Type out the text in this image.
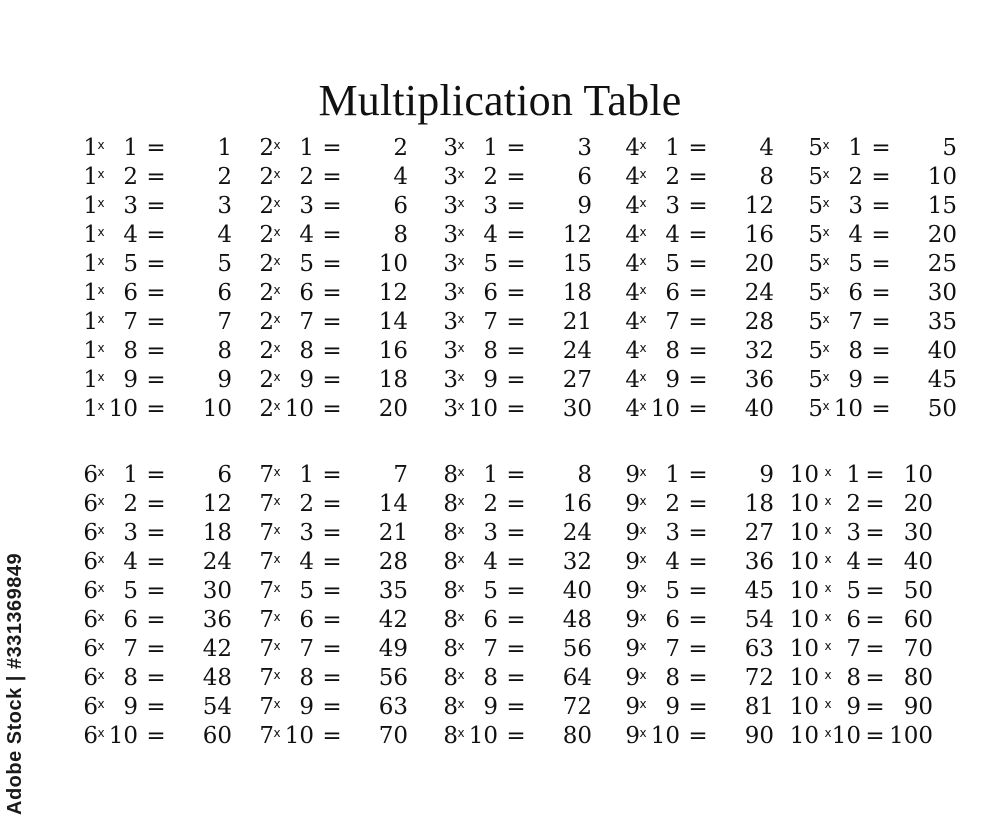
Multiplication Table
Adobe Stock | #331369849
1 x 1 =	1
1 x 2 =	2
1 x 3 =	3
1 x 4 =	4
1 x 5 =	5
1 x 6 =	6
1 x 7 =	7
1 x 8 =	8
1 x 9 =	9
1 x 10 =	10
2 x 1 =	2
2 x 2 =	4
2 x 3 =	6
2 x 4 =	8
2 x 5 =	10
2 x 6 =	12
2 x 7 =	14
2 x 8 =	16
2 x 9 =	18
2 x 10 =	20
3 x 1 =	3
3 x 2 =	6
3 x 3 =	9
3 x 4 =	12
3 x 5 =	15
3 x 6 =	18
3 x 7 =	21
3 x 8 =	24
3 x 9 =	27
3 x 10 =	30
4 x 1 =	4
4 x 2 =	8
4 x 3 =	12
4 x 4 =	16
4 x 5 =	20
4 x 6 =	24
4 x 7 =	28
4 x 8 =	32
4 x 9 =	36
4 x 10 =	40
5 x 1 =	5
5 x 2 =	10
5 x 3 =	15
5 x 4 =	20
5 x 5 =	25
5 x 6 =	30
5 x 7 =	35
5 x 8 =	40
5 x 9 =	45
5 x 10 =	50
6 x 1 =	6
6 x 2 =	12
6 x 3 =	18
6 x 4 =	24
6 x 5 =	30
6 x 6 =	36
6 x 7 =	42
6 x 8 =	48
6 x 9 =	54
6 x 10 =	60
7 x 1 =	7
7 x 2 =	14
7 x 3 =	21
7 x 4 =	28
7 x 5 =	35
7 x 6 =	42
7 x 7 =	49
7 x 8 =	56
7 x 9 =	63
7 x 10 =	70
8 x 1 =	8
8 x 2 =	16
8 x 3 =	24
8 x 4 =	32
8 x 5 =	40
8 x 6 =	48
8 x 7 =	56
8 x 8 =	64
8 x 9 =	72
8 x 10 =	80
9 x 1 =	9
9 x 2 =	18
9 x 3 =	27
9 x 4 =	36
9 x 5 =	45
9 x 6 =	54
9 x 7 =	63
9 x 8 =	72
9 x 9 =	81
9 x 10 =	90
10 x 1 = 10
10 x 2 = 20
10 x 3 = 30
10 x 4 = 40
10 x 5 = 50
10 x 6 = 60
10 x 7 = 70
10 x 8 = 80
10 x 9 = 90
10 x 10 = 100
